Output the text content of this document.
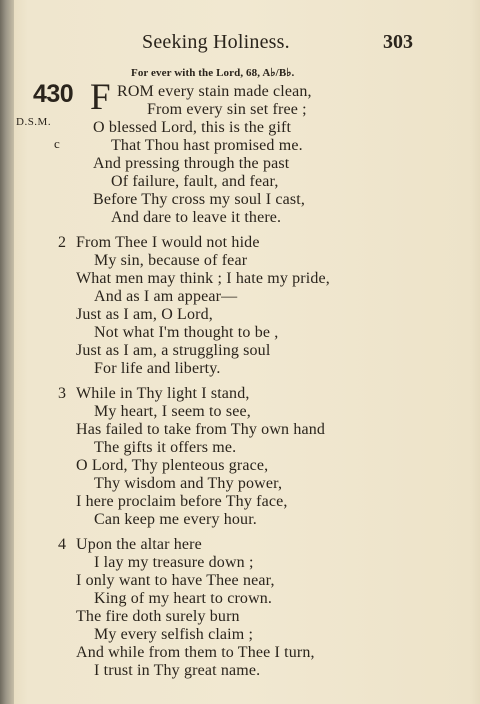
Seeking Holiness.	303
For ever with the Lord, 68, A♭/B♭.
430
D.S.M.
c
F ROM every stain made clean,
From every sin set free ;
O blessed Lord, this is the gift
That Thou hast promised me.
And pressing through the past
Of failure, fault, and fear,
Before Thy cross my soul I cast,
And dare to leave it there.
2 From Thee I would not hide
My sin, because of fear
What men may think ; I hate my pride,
And as I am appear—
Just as I am, O Lord,
Not what I'm thought to be ,
Just as I am, a struggling soul
For life and liberty.
3 While in Thy light I stand,
My heart, I seem to see,
Has failed to take from Thy own hand
The gifts it offers me.
O Lord, Thy plenteous grace,
Thy wisdom and Thy power,
I here proclaim before Thy face,
Can keep me every hour.
4 Upon the altar here
I lay my treasure down ;
I only want to have Thee near,
King of my heart to crown.
The fire doth surely burn
My every selfish claim ;
And while from them to Thee I turn,
I trust in Thy great name.
